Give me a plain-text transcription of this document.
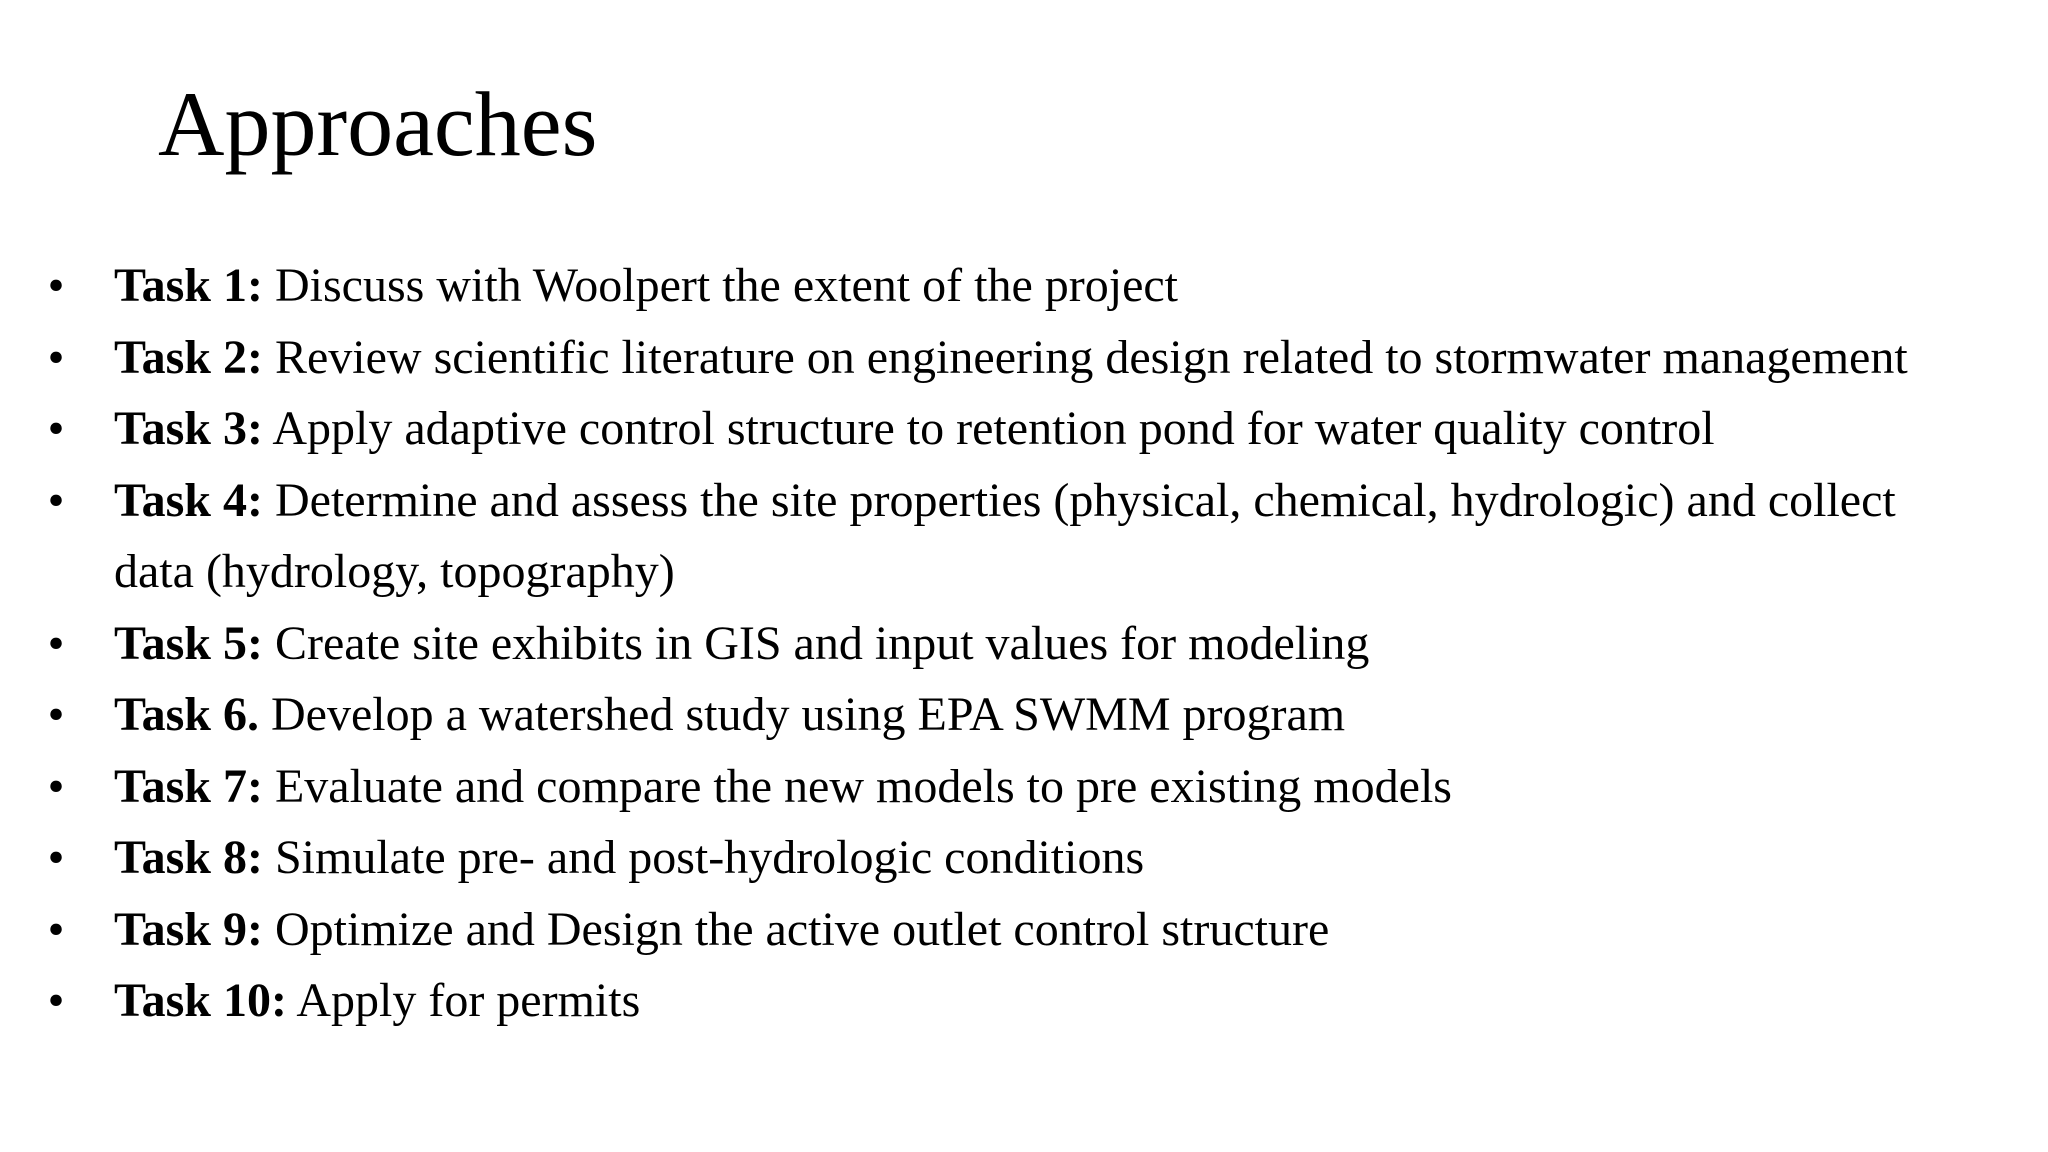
Approaches
• Task 1: Discuss with Woolpert the extent of the project
• Task 2: Review scientific literature on engineering design related to stormwater management
• Task 3: Apply adaptive control structure to retention pond for water quality control
• Task 4: Determine and assess the site properties (physical, chemical, hydrologic) and collect data (hydrology, topography)
• Task 5: Create site exhibits in GIS and input values for modeling
• Task 6. Develop a watershed study using EPA SWMM program
• Task 7: Evaluate and compare the new models to pre existing models
• Task 8: Simulate pre- and post-hydrologic conditions
• Task 9: Optimize and Design the active outlet control structure
• Task 10: Apply for permits
